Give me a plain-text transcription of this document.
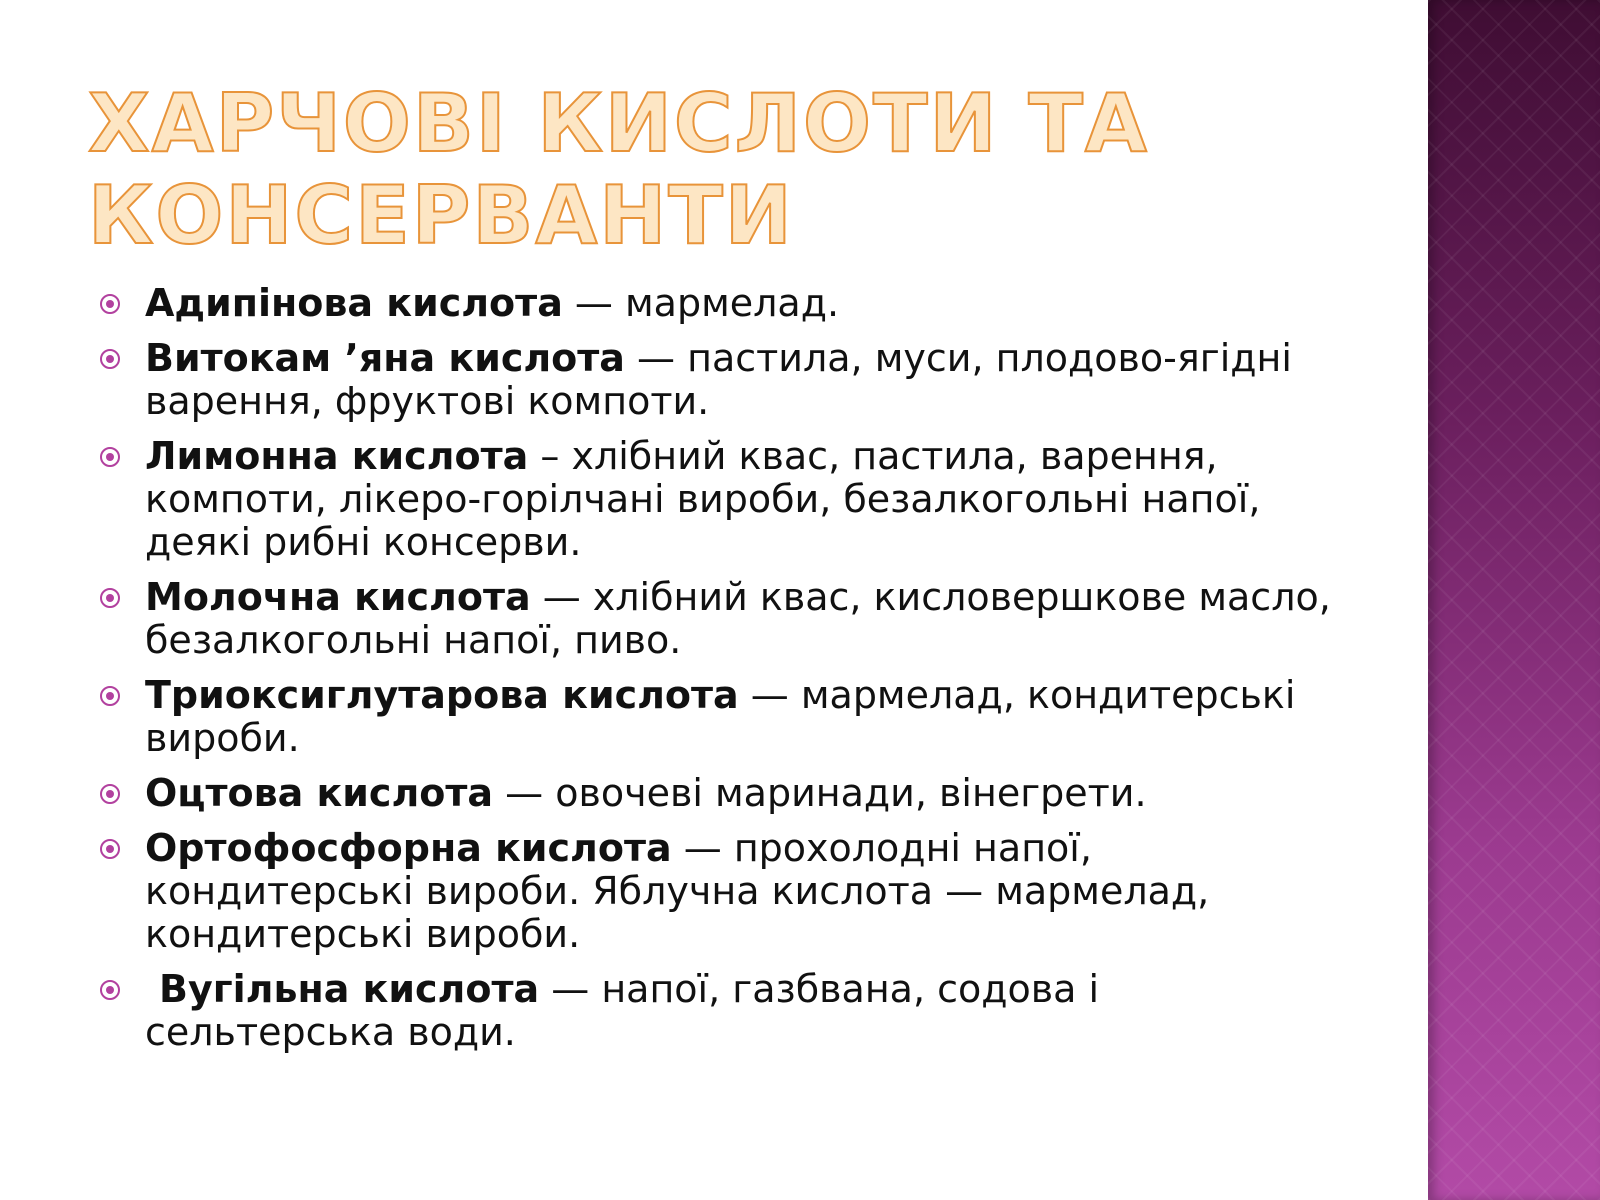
ХАРЧОВІ КИСЛОТИ ТА
КОНСЕРВАНТИ
Адипінова кислота — мармелад.
Витокам ’яна кислота — пастила, муси, плодово-ягідні варення, фруктові компоти.
Лимонна кислота – хлібний квас, пастила, варення, компоти, лікеро-горілчані вироби, безалкогольні напої, деякі рибні консерви.
Молочна кислота — хлібний квас, кисловершкове масло, безалкогольні напої, пиво.
Триоксиглутарова кислота — мармелад, кондитерські вироби.
Оцтова кислота — овочеві маринади, вінегрети.
Ортофосфорна кислота — прохолодні напої, кондитерські вироби. Яблучна кислота — мармелад, кондитерські вироби.
Вугільна кислота — напої, газбвана, содова і сельтерська води.
